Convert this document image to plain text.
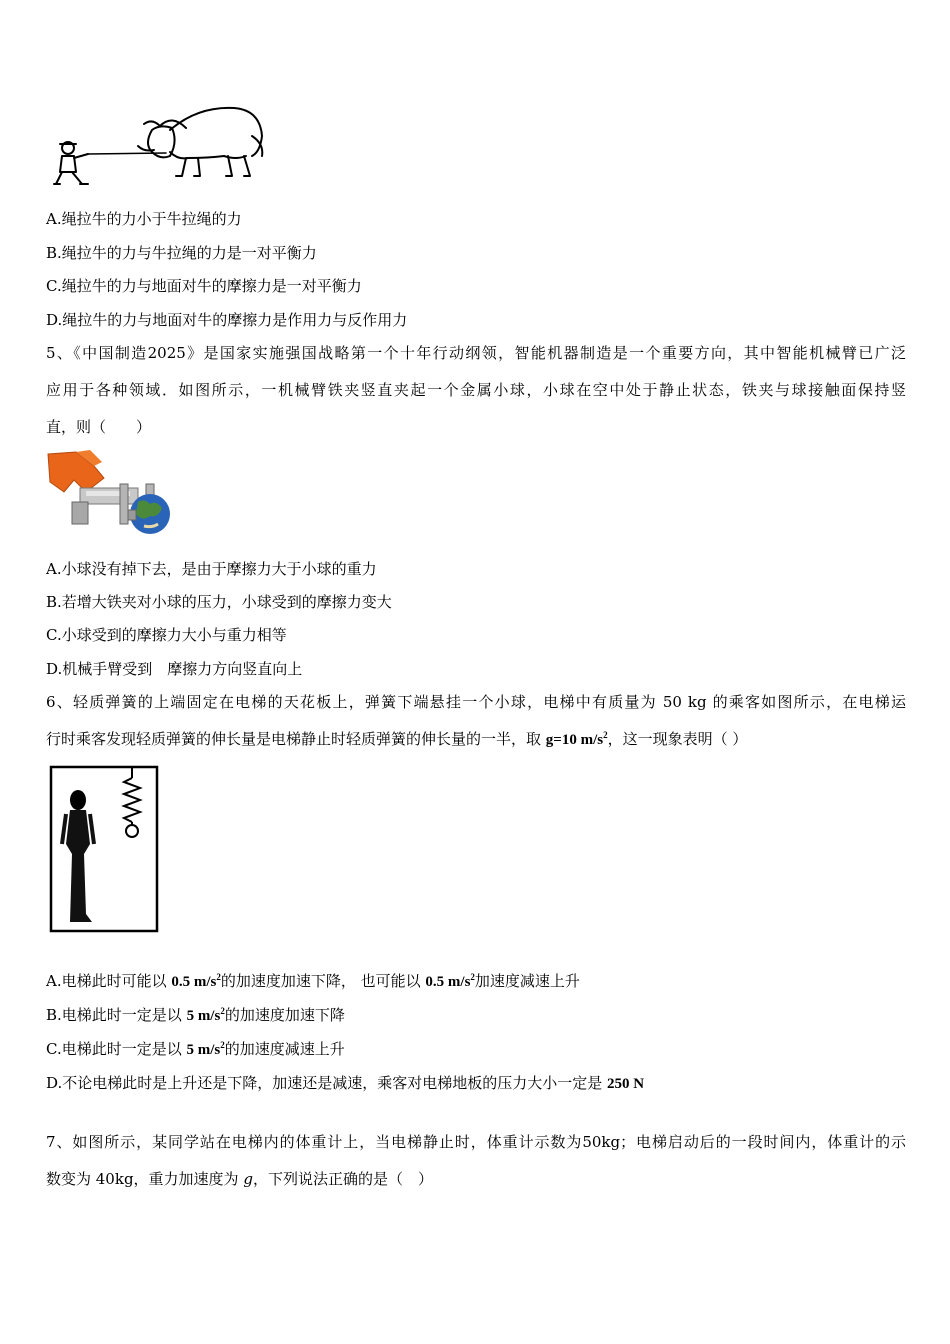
A.绳拉牛的力小于牛拉绳的力
B.绳拉牛的力与牛拉绳的力是一对平衡力
C.绳拉牛的力与地面对牛的摩擦力是一对平衡力
D.绳拉牛的力与地面对牛的摩擦力是作用力与反作用力
5、《中国制造2025》是国家实施强国战略第一个十年行动纲领，智能机器制造是一个重要方向，其中智能机械臂已广泛
应用于各种领域．如图所示，一机械臂铁夹竖直夹起一个金属小球，小球在空中处于静止状态，铁夹与球接触面保持竖
直，则（　　）
A.小球没有掉下去，是由于摩擦力大于小球的重力
B.若增大铁夹对小球的压力，小球受到的摩擦力变大
C.小球受到的摩擦力大小与重力相等
D.机械手臂受到　摩擦力方向竖直向上
6、轻质弹簧的上端固定在电梯的天花板上，弹簧下端悬挂一个小球，电梯中有质量为 50 kg 的乘客如图所示，在电梯运
行时乘客发现轻质弹簧的伸长量是电梯静止时轻质弹簧的伸长量的一半，取 g=10 $m/s^2$，这一现象表明（ ）
A.电梯此时可能以 0.5 $m/s^2$的加速度加速下降， 也可能以 0.5 $m/s^2$加速度减速上升
B.电梯此时一定是以 5 $m/s^2$的加速度加速下降
C.电梯此时一定是以 5 $m/s^2$的加速度减速上升
D.不论电梯此时是上升还是下降，加速还是减速，乘客对电梯地板的压力大小一定是 250 N
7、如图所示，某同学站在电梯内的体重计上，当电梯静止时，体重计示数为50kg；电梯启动后的一段时间内，体重计的示
数变为 40kg，重力加速度为 g，下列说法正确的是（　）
